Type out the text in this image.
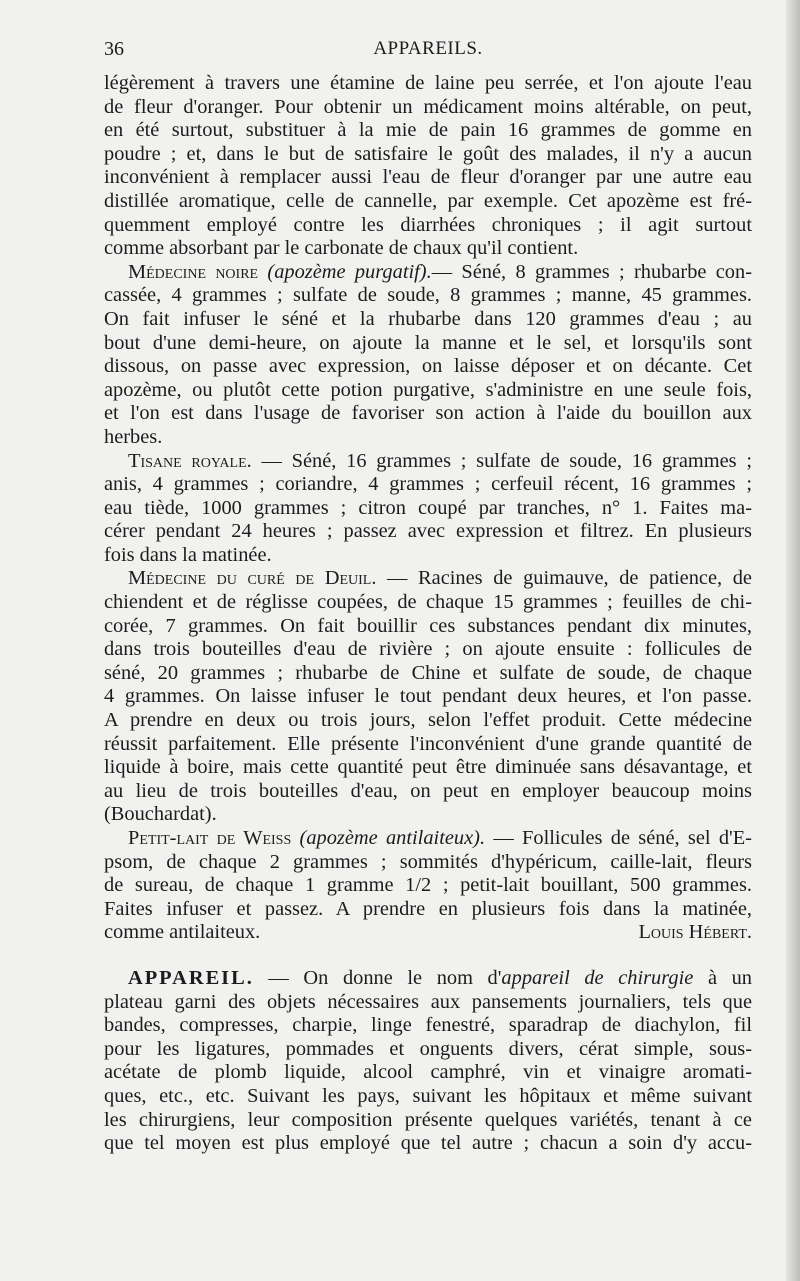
36	APPAREILS.
légèrement à travers une étamine de laine peu serrée, et l'on ajoute l'eau
de fleur d'oranger. Pour obtenir un médicament moins altérable, on peut,
en été surtout, substituer à la mie de pain 16 grammes de gomme en
poudre ; et, dans le but de satisfaire le goût des malades, il n'y a aucun
inconvénient à remplacer aussi l'eau de fleur d'oranger par une autre eau
distillée aromatique, celle de cannelle, par exemple. Cet apozème est fré-
quemment employé contre les diarrhées chroniques ; il agit surtout
comme absorbant par le carbonate de chaux qu'il contient.
Médecine noire (apozème purgatif).— Séné, 8 grammes ; rhubarbe con-
cassée, 4 grammes ; sulfate de soude, 8 grammes ; manne, 45 grammes.
On fait infuser le séné et la rhubarbe dans 120 grammes d'eau ; au
bout d'une demi-heure, on ajoute la manne et le sel, et lorsqu'ils sont
dissous, on passe avec expression, on laisse déposer et on décante. Cet
apozème, ou plutôt cette potion purgative, s'administre en une seule fois,
et l'on est dans l'usage de favoriser son action à l'aide du bouillon aux
herbes.
Tisane royale. — Séné, 16 grammes ; sulfate de soude, 16 grammes ;
anis, 4 grammes ; coriandre, 4 grammes ; cerfeuil récent, 16 grammes ;
eau tiède, 1000 grammes ; citron coupé par tranches, n° 1. Faites ma-
cérer pendant 24 heures ; passez avec expression et filtrez. En plusieurs
fois dans la matinée.
Médecine du curé de Deuil. — Racines de guimauve, de patience, de
chiendent et de réglisse coupées, de chaque 15 grammes ; feuilles de chi-
corée, 7 grammes. On fait bouillir ces substances pendant dix minutes,
dans trois bouteilles d'eau de rivière ; on ajoute ensuite : follicules de
séné, 20 grammes ; rhubarbe de Chine et sulfate de soude, de chaque
4 grammes. On laisse infuser le tout pendant deux heures, et l'on passe.
A prendre en deux ou trois jours, selon l'effet produit. Cette médecine
réussit parfaitement. Elle présente l'inconvénient d'une grande quantité de
liquide à boire, mais cette quantité peut être diminuée sans désavantage, et
au lieu de trois bouteilles d'eau, on peut en employer beaucoup moins
(Bouchardat).
Petit-lait de Weiss (apozème antilaiteux). — Follicules de séné, sel d'E-
psom, de chaque 2 grammes ; sommités d'hypéricum, caille-lait, fleurs
de sureau, de chaque 1 gramme 1/2 ; petit-lait bouillant, 500 grammes.
Faites infuser et passez. A prendre en plusieurs fois dans la matinée,
comme antilaiteux.	Louis Hébert.
APPAREIL. — On donne le nom d'appareil de chirurgie à un
plateau garni des objets nécessaires aux pansements journaliers, tels que
bandes, compresses, charpie, linge fenestré, sparadrap de diachylon, fil
pour les ligatures, pommades et onguents divers, cérat simple, sous-
acétate de plomb liquide, alcool camphré, vin et vinaigre aromati-
ques, etc., etc. Suivant les pays, suivant les hôpitaux et même suivant
les chirurgiens, leur composition présente quelques variétés, tenant à ce
que tel moyen est plus employé que tel autre ; chacun a soin d'y accu-
